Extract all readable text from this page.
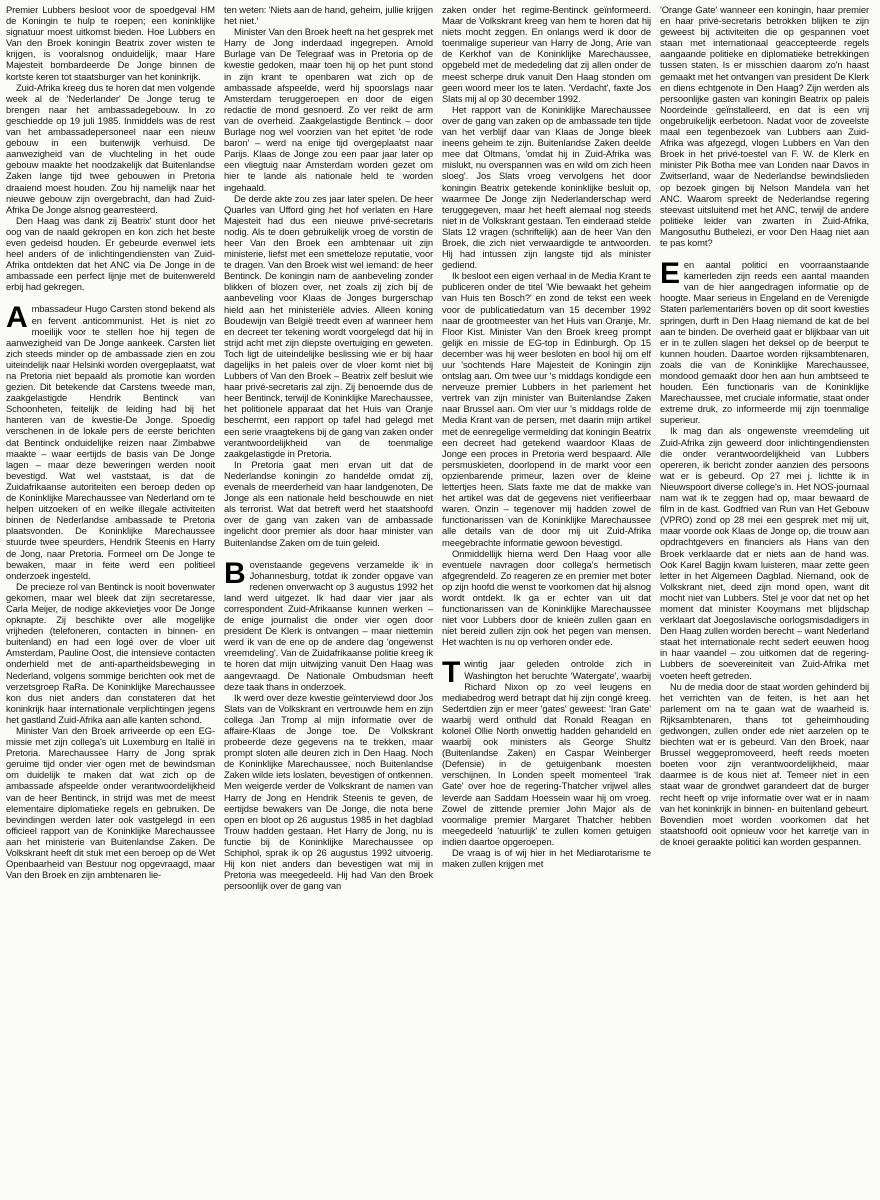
Premier Lubbers besloot voor de spoedgeval HM de Koningin te hulp te roepen; een koninklijke signatuur moest uitkomst bieden. Hoe Lubbers en Van den Broek koningin Beatrix zover wisten te krijgen, is vooralsnog onduidelijk, maar Hare Majesteit bombardeerde De Jonge binnen de kortste keren tot staatsburger van het koninkrijk.

Zuid-Afrika kreeg dus te horen dat men volgende week al de 'Nederlander' De Jonge terug te brengen naar het ambassadegebouw. In zo geschiedde op 19 juli 1985. Inmiddels was de rest van het ambassadepersoneel naar een nieuw gebouw in een buitenwijk verhuisd. De aanwezigheid van de vluchteling in het oude gebouw maakte het noodzakelijk dat Buitenlandse Zaken lange tijd twee gebouwen in Pretoria draaiend moest houden. Zou hij namelijk naar het nieuwe gebouw zijn overgebracht, dan had Zuid-Afrika De Jonge alsnog gearresteerd.

Den Haag was dank zij Beatrix' stunt door het oog van de naald gekropen en kon zich het beste even gedeisd houden. Er gebeurde evenwel iets heel anders of de inlichtingendiensten van Zuid-Afrika ontdekten dat het ANC via De Jonge in de ambassade een perfect lijnje met de buitenwereld erbij had gekregen.

Ambassadeur Hugo Carsten stond bekend als en fervent anticommunist. Het is niet zo moeilijk voor te stellen hoe hij tegen de aanwezigheid van De Jonge aankeek. Carsten liet zich steeds minder op de ambassade zien en zou uiteindelijk naar Helsinki worden overgeplaatst, wat na Pretoria niet bepaald als promotie kan worden gezien. Dit betekende dat Carstens tweede man, zaakgelastigde Hendrik Bentinck van Schoonheten, feitelijk de leiding had bij het hanteren van de kwestie-De Jonge. Spoedig verschenen in de lokale pers de eerste berichten dat Bentinck onduidelijke reizen naar Zimbabwe maakte – waar eertijds de basis van De Jonge lagen – maar deze beweringen werden nooit bevestigd. Wat wel vaststaat, is dat de Zuidafrikaanse autoriteiten een beroep deden op de Koninklijke Marechaussee van Nederland om te helpen uitzoeken of en welke illegale activiteiten binnen de Nederlandse ambassade te Pretoria plaatsvonden. De Koninklijke Marechaussee stuurde twee speurders, Hendrik Steenis en Harry de Jong, naar Pretoria. Formeel om De Jonge te bewaken, maar in feite werd een politieel onderzoek ingesteld.

De precieze rol van Bentinck is nooit bovenwater gekomen, maar wel bleek dat zijn secretaresse, Carla Meijer, de nodige akkevietjes voor De Jonge opknapte. Zij beschikte over alle mogelijke vrijheden (telefoneren, contacten in binnen- en buitenland) en had een logé over de vloer uit Amsterdam, Pauline Oost, die intensieve contacten onderhield met de anti-apartheidsbeweging in Nederland, volgens sommige berichten ook met de verzetsgroep RaRa. De Koninklijke Marechaussee kon dus niet anders dan constateren dat het koninkrijk haar internationale verplichtingen jegens het gastland Zuid-Afrika aan alle kanten schond.

Minister Van den Broek arriveerde op een EG-missie met zijn collega's uit Luxemburg en Italië in Pretoria. Marechaussee Harry de Jong sprak geruime tijd onder vier ogen met de bewindsman om duidelijk te maken dat wat zich op de ambassade afspeelde onder verantwoordelijkheid van de heer Bentinck, in strijd was met de meest elementaire diplomatieke regels en gebruiken. De bevindingen werden later ook vastgelegd in een officieel rapport van de Koninklijke Marechaussee aan het ministerie van Buitenlandse Zaken. De Volkskrant heeft dit stuk met een beroep op de Wet Openbaarheid van Bestuur nog opgevraagd, maar Van den Broek en zijn ambtenaren lie-

ten weten: 'Niets aan de hand, geheim, jullie krijgen het niet.'

Minister Van den Broek heeft na het gesprek met Harry de Jong inderdaad ingegrepen. Arnold Burlage van De Telegraaf was in Pretoria op de kwestie gedoken, maar toen hij op het punt stond in zijn krant te openbaren wat zich op de ambassade afspeelde, werd hij spoorslags naar Amsterdam teruggeroepen en door de eigen redactie de mond gesnoerd. Zo ver reikt de arm van de overheid. Zaakgelastigde Bentinck – door Burlage nog wel voorzien van het epitet 'de rode baron' – werd na enige tijd overgeplaatst naar Parijs. Klaas de Jonge zou een paar jaar later op een vliegtuig naar Amsterdam worden gezet om hier te lande als nationale held te worden ingehaald.

De derde akte zou zes jaar later spelen. De heer Quarles van Ufford ging het hof verlaten en Hare Majesteit had dus een nieuwe privé-secretaris nodig. Als te doen gebruikelijk vroeg de vorstin de heer Van den Broek een ambtenaar uit zijn ministerie, liefst met een smetteloze reputatie, voor te dragen. Van den Broek wist wel iemand: de heer Bentinck. De koningin nam de aanbeveling zonder blikken of blozen over, net zoals zij zich bij de aanbeveling voor Klaas de Jonges burgerschap hield aan het ministeriële advies. Alleen koning Boudewijn van België treedt even af wanneer hem en decreet ter tekening wordt voorgelegd dat hij in strijd acht met zijn diepste overtuiging en geweten. Toch ligt de uiteindelijke beslissing wie er bij haar dagelijks in het paleis over de vloer komt niet bij Lubbers of Van den Broek – Beatrix zelf besluit wie haar privé-secretaris zal zijn. Zij benoemde dus de heer Bentinck, terwijl de Koninklijke Marechaussee, het politionele apparaat dat het Huis van Oranje beschermt, een rapport op tafel had gelegd met een serie vraagtekens bij de gang van zaken onder verantwoordelijkheid van de toenmalige zaakgelastigde in Pretoria.

In Pretoria gaat men ervan uit dat de Nederlandse koningin zo handelde omdat zij, evenals de meerderheid van haar landgenoten, De Jonge als een nationale held beschouwde en niet als terrorist. Wat dat betreft werd het staatshoofd over de gang van zaken van de ambassade ingelicht door premier als door haar minister van Buitenlandse Zaken om de tuin geleid.

Bovenstaande gegevens verzamelde ik in Johannesburg, totdat ik zonder opgave van redenen onverwacht op 3 augustus 1992 het land werd uitgezet. Ik had daar vier jaar als correspondent Zuid-Afrikaanse kunnen werken – de enige journalist die onder vier ogen door president De Klerk is ontvangen – maar niettemin werd ik van de ene op de andere dag 'ongewenst vreemdeling'. Van de Zuidafrikaanse politie kreeg ik te horen dat mijn uitwijzing vanuit Den Haag was aangevraagd. De Nationale Ombudsman heeft deze taak thans in onderzoek.

Ik werd over deze kwestie geïnterviewd door Jos Slats van de Volkskrant en vertrouwde hem en zijn collega Jan Tromp al mijn informatie over de affaire-Klaas de Jonge toe. De Volkskrant probeerde deze gegevens na te trekken, maar prompt sloten alle deuren zich in Den Haag. Noch de Koninklijke Marechaussee, noch Buitenlandse Zaken wilde iets loslaten, bevestigen of ontkennen. Men weigerde verder de Volkskrant de namen van Harry de Jong en Hendrik Steenis te geven, de eertijdse bewakers van De Jonge, die nota bene open en bloot op 26 augustus 1985 in het dagblad Trouw hadden gestaan. Het Harry de Jong, nu is functie bij de Koninklijke Marechaussee op Schiphol, sprak ik op 26 augustus 1992 uitvoerig. Hij kon niet anders dan bevestigen wat mij in Pretoria was meegedeeld. Hij had Van den Broek persoonlijk over de gang van

zaken onder het regime-Bentinck geïnformeerd. Maar de Volkskrant kreeg van hem te horen dat hij niets mocht zeggen. En onlangs werd ik door de toenmalige superieur van Harry de Jong, Arie van de Kerkhof van de Koninklijke Marechaussee, opgebeld met de mededeling dat zij allen onder de meest scherpe druk vanuit Den Haag stonden om geen woord meer los te laten. 'Verdacht', faxte Jos Slats mij al op 30 december 1992.

Het rapport van de Koninklijke Marechaussee over de gang van zaken op de ambassade ten tijde van het verblijf daar van Klaas de Jonge bleek ineens geheim te zijn. Buitenlandse Zaken deelde mee dat Oltmans, 'omdat hij in Zuid-Afrika was mislukt, nu overspannen was en wild om zich heen sloeg'. Jos Slats vroeg vervolgens het door koningin Beatrix getekende koninklijke besluit op, waarmee De Jonge zijn Nederlanderschap werd teruggegeven, maar het heeft alemaal nog steeds niet in de Volkskrant gestaan. Ten einderaad stelde Slats 12 vragen (schriftelijk) aan de heer Van den Broek, die zich niet verwaardigde te antwoorden. Hij had intussen zijn langste tijd als minister gediend.

Ik besloot een eigen verhaal in de Media Krant te publiceren onder de titel 'Wie bewaakt het geheim van Huis ten Bosch?' en zond de tekst een week voor de publicatiedatum van 15 december 1992 naar de grootmeester van het Huis van Oranje, Mr. Floor Kist. Minister Van den Broek kreeg prompt gelijk en missie de EG-top in Edinburgh. Op 15 december was hij weer besloten en bool hij om elf uur 'sochtends Hare Majesteit de Koningin zijn ontslag aan. Om twee uur 's middags kondigde een nerveuze premier Lubbers in het parlement het vertrek van zijn minister van Buitenlandse Zaken naar Brussel aan. Om vier uur 's middags rolde de Media Krant van de persen, met daarin mijn artikel met de eenregelige vermelding dat koningin Beatrix een decreet had getekend waardoor Klaas de Jonge een proces in Pretoria werd bespaard. Alle persmuskieten, doorlopend in de markt voor een opzienbarende primeur, lazen over de kleine lettertjes heen. Slats faxte me dat de makke van het artikel was dat de gegevens niet verifieerbaar waren. Onzin – tegenover mij hadden zowel de functionarissen van de Koninklijke Marechaussee alle details van de door mij uit Zuid-Afrika meegebrachte informatie gewoon bevestigd.

Onmiddellijk hierna werd Den Haag voor alle eventuele navragen door collega's hermetisch afgegrendeld. Zo reageren ze en premier met boter op zijn hoofd die wenst te voorkomen dat hij alsnog wordt ontdekt. Ik ga er echter van uit dat functionarissen van de Koninklijke Marechaussee niet voor Lubbers door de knieën zullen gaan en niet bereid zullen zijn ook het pegen van mensen. Het wachten is nu op verhoren onder ede.

Twintig jaar geleden ontrolde zich in Washington het beruchte 'Watergate', waarbij Richard Nixon op zo veel leugens en mediabedrog werd betrapt dat hij zijn congé kreeg. Sedertdien zijn er meer 'gates' geweest: 'Iran Gate' waarbij werd onthuld dat Ronald Reagan en kolonel Ollie North onwettig hadden gehandeld en waarbij ook ministers als George Shultz (Buitenlandse Zaken) en Caspar Weinberger (Defensie) in de getuigenbank moesten verschijnen. In Londen speelt momenteel 'Irak Gate' over hoe de regering-Thatcher vrijwel alles leverde aan Saddam Hoessein waar hij om vroeg. Zowel de zittende premier John Major als de voormalige premier Margaret Thatcher hebben meegedeeld 'natuurlijk' te zullen komen getuigen indien daartoe opgeroepen.

De vraag is of wij hier in het Mediarotarisme te maken zullen krijgen met

'Orange Gate' wanneer een koningin, haar premier en haar privé-secretaris betrokken blijken te zijn geweest bij activiteiten die op gespannen voet staan met internationaal geaccepteerde regels aangaande politieke en diplomatieke betrekkingen tussen staten. Is er misschien daarom zo'n haast gemaakt met het ontvangen van president De Klerk en diens echtgenote in Den Haag? Zijn werden als persoonlijke gasten van koningin Beatrix op paleis Noordeinde geïnstalleerd, en dat is een vrij ongebruikelijk eerbetoon. Nadat voor de zoveelste maal een tegenbezoek van Lubbers aan Zuid-Afrika was afgezegd, vlogen Lubbers en Van den Broek in het privé-toestel van F. W. de Klerk en minister Pik Botha mee van Londen naar Davos in Zwitserland, waar de Nederlandse bewindslieden op bezoek gingen bij Nelson Mandela van het ANC. Waarom spreekt de Nederlandse regering steevast uitsluitend met het ANC, terwijl de andere politieke leider van zwarten in Zuid-Afrika, Mangosuthu Buthelezi, er voor Den Haag niet aan te pas komt?

Een aantal politici en voorraanstaande kamerleden zijn reeds een aantal maanden van de hier aangedragen informatie op de hoogte. Maar serieus in Engeland en de Verenigde Staten parlementariërs boven op dit soort kwesties springen, durft in Den Haag niemand de kat de bel aan te binden. De overheid gaat er blijkbaar van uit er in te zullen slagen het deksel op de beerput te kunnen houden. Daartoe worden rijksambtenaren, zoals die van de Koninklijke Marechaussee, mondood gemaakt door hen aan hun ambtseed te houden. Eén functionaris van de Koninklijke Marechaussee, met cruciale informatie, staat onder extreme druk, zo informeerde mij zijn toenmalige superieur.

Ik mag dan als ongewenste vreemdeling uit Zuid-Afrika zijn geweerd door inlichtingendiensten die onder verantwoordelijkheid van Lubbers opereren, ik bericht zonder aanzien des persoons wat er is gebeurd. Op 27 mei j. lichtte ik in Nieuwspoort diverse college's in. Het NOS-journaal nam wat ik te zeggen had op, maar bewaard de film in de kast. Godfried van Run van Het Gebouw (VPRO) zond op 28 mei een gesprek met mij uit, maar voorde ook Klaas de Jonge op, die trouw aan opdrachtgevers en financiers als Hans van den Broek verklaarde dat er niets aan de hand was. Ook Karel Bagijn kwam luisteren, maar zette geen letter in het Algemeen Dagblad. Niemand, ook de Volkskrant niet, deed zijn mond open, want dit mocht niet van Lubbers. Stel je voor dat net op het moment dat minister Kooymans met blijdschap verklaart dat Joegoslavische oorlogsmisdadigers in Den Haag zullen worden berecht – want Nederland staat het internationale recht sedert eeuwen hoog in haar vaandel – zou uitkomen dat de regering-Lubbers de soevereiniteit van Zuid-Afrika met voeten heeft getreden.

Nu de media door de staat worden gehinderd bij het verrichten van de feiten, is het aan het parlement om na te gaan wat de waarheid is. Rijksambtenaren, thans tot geheimhouding gedwongen, zullen onder ede niet aarzelen op te biechten wat er is gebeurd. Van den Broek, naar Brussel weggepromoveerd, heeft reeds moeten boeten voor zijn verantwoordelijkheid, maar daarmee is de kous niet af. Temeer niet in een staat waar de grondwet garandeert dat de burger recht heeft op vrije informatie over wat er in naam van het koninkrijk in binnen- en buitenland gebeurt. Bovendien moet worden voorkomen dat het staatshoofd ooit opnieuw voor het karretje van in de knoei geraakte politici kan worden gespannen.
